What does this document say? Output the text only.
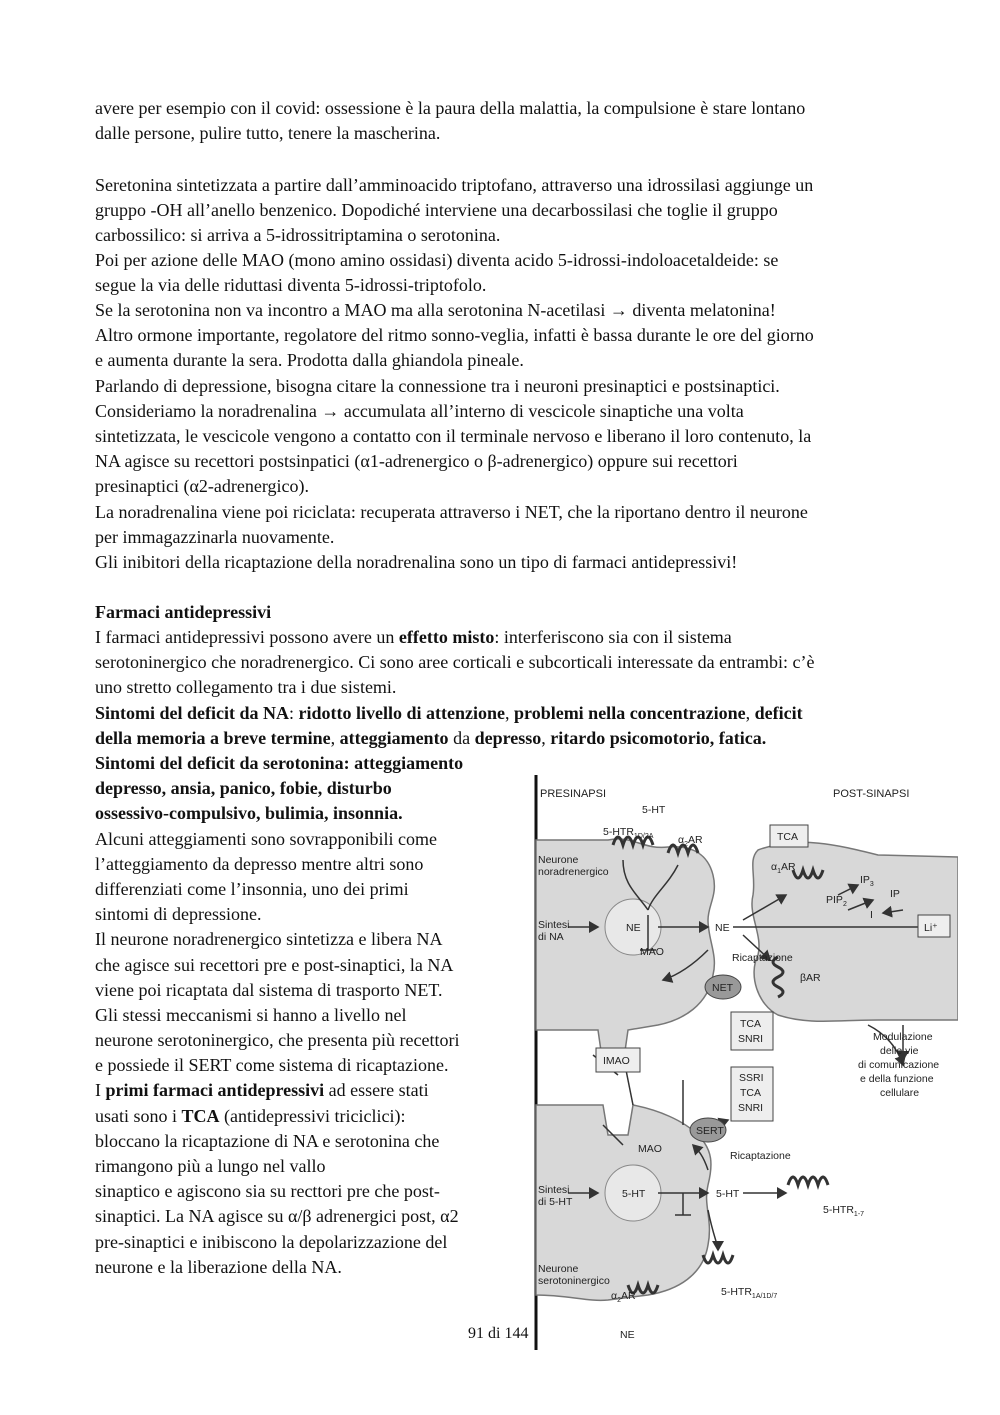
avere per esempio con il covid: ossessione è la paura della malattia, la compulsione è stare lontano
dalle persone, pulire tutto, tenere la mascherina.
Seretonina sintetizzata a partire dall’amminoacido triptofano, attraverso una idrossilasi aggiunge un
gruppo -OH all’anello benzenico. Dopodiché interviene una decarbossilasi che toglie il gruppo
carbossilico: si arriva a 5-idrossitriptamina o serotonina.
Poi per azione delle MAO (mono amino ossidasi) diventa acido 5-idrossi-indoloacetaldeide: se
segue la via delle riduttasi diventa 5-idrossi-triptofolo.
Se la serotonina non va incontro a MAO ma alla serotonina N-acetilasi → diventa melatonina!
Altro ormone importante, regolatore del ritmo sonno-veglia, infatti è bassa durante le ore del giorno
e aumenta durante la sera. Prodotta dalla ghiandola pineale.
Parlando di depressione, bisogna citare la connessione tra i neuroni presinaptici e postsinaptici.
Consideriamo la noradrenalina → accumulata all’interno di vescicole sinaptiche una volta
sintetizzata, le vescicole vengono a contatto con il terminale nervoso e liberano il loro contenuto, la
NA agisce su recettori postsinpatici (α1-adrenergico o β-adrenergico) oppure sui recettori
presinaptici (α2-adrenergico).
La noradrenalina viene poi riciclata: recuperata attraverso i NET, che la riportano dentro il neurone
per immagazzinarla nuovamente.
Gli inibitori della ricaptazione della noradrenalina sono un tipo di farmaci antidepressivi!
Farmaci antidepressivi
I farmaci antidepressivi possono avere un effetto misto: interferiscono sia con il sistema
serotoninergico che noradrenergico. Ci sono aree corticali e subcorticali interessate da entrambi: c’è
uno stretto collegamento tra i due sistemi.
Sintomi del deficit da NA: ridotto livello di attenzione, problemi nella concentrazione, deficit
della memoria a breve termine, atteggiamento da depresso, ritardo psicomotorio, fatica.
Sintomi del deficit da serotonina: atteggiamento
depresso, ansia, panico, fobie, disturbo
ossessivo-compulsivo, bulimia, insonnia.
Alcuni atteggiamenti sono sovrapponibili come
l’atteggiamento da depresso mentre altri sono
differenziati come l’insonnia, uno dei primi
sintomi di depressione.
Il neurone noradrenergico sintetizza e libera NA
che agisce sui recettori pre e post-sinaptici, la NA
viene poi ricaptata dal sistema di trasporto NET.
Gli stessi meccanismi si hanno a livello nel
neurone serotoninergico, che presenta più recettori
e possiede il SERT come sistema di ricaptazione.
I primi farmaci antidepressivi ad essere stati
usati sono i TCA (antidepressivi triciclici):
bloccano la ricaptazione di NA e serotonina che
rimangono più a lungo nel vallo
sinaptico e agiscono sia su recttori pre che post-
sinaptici. La NA agisce su α/β adrenergici post, α2
pre-sinaptici e inibiscono la depolarizzazione del
neurone e la liberazione della NA.
PRESINAPSI	POST-SINAPSI
5-HT
$5-HTR_{1D/2A}$ $\alpha_2AR$	TCA
$\alpha_1AR$
$IP_3$
$PIP_2$
IP
I
Li⁺
Neurone
noradrenergico
Sintesi
di NA
NE	NE
Ricaptazione
βAR
MAO
NET
TCA
SNRI	Modulazione
delle vie
di comunicazione
e della funzione
cellulare
IMAO
SSRI
TCA
SNRI
SERT
MAO
Ricaptazione
Sintesi
di 5-HT
5-HT	5-HT
$5-HTR_{1-7}$
Neurone
serotoninergico
$\alpha_2AR$	$5-HTR_{1A/1D/7}$
NE
91 di 144
